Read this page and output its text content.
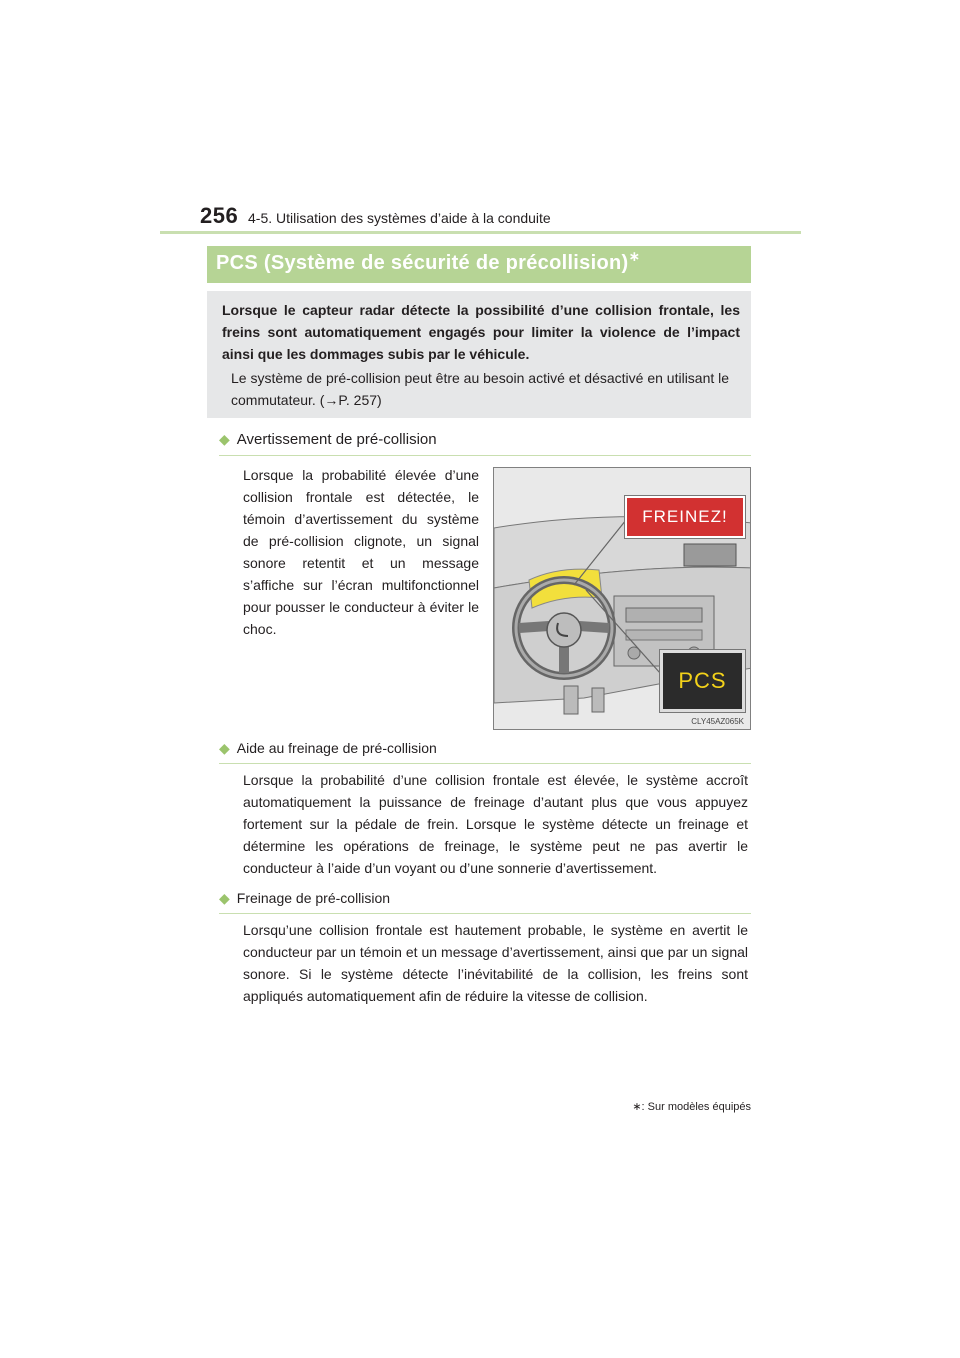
256 4-5. Utilisation des systèmes d’aide à la conduite
PCS (Système de sécurité de précollision)∗
Lorsque le capteur radar détecte la possibilité d’une collision frontale, les freins sont automatiquement engagés pour limiter la violence de l’impact ainsi que les dommages subis par le véhicule.
Le système de pré-collision peut être au besoin activé et désactivé en utilisant le commutateur. (→P. 257)
◆ Avertissement de pré-collision
Lorsque la probabilité élevée d’une collision frontale est détectée, le témoin d’avertissement du système de pré-collision clignote, un signal sonore retentit et un message s’affiche sur l’écran multifonctionnel pour pousser le conducteur à éviter le choc.
FREINEZ!
PCS
CLY45AZ065K
◆ Aide au freinage de pré-collision
Lorsque la probabilité d’une collision frontale est élevée, le système accroît automatiquement la puissance de freinage d’autant plus que vous appuyez fortement sur la pédale de frein. Lorsque le système détecte un freinage et détermine les opérations de freinage, le système peut ne pas avertir le conducteur à l’aide d’un voyant ou d’une sonnerie d’avertissement.
◆ Freinage de pré-collision
Lorsqu’une collision frontale est hautement probable, le système en avertit le conducteur par un témoin et un message d’avertissement, ainsi que par un signal sonore. Si le système détecte l’inévitabilité de la collision, les freins sont appliqués automatiquement afin de réduire la vitesse de collision.
∗: Sur modèles équipés
